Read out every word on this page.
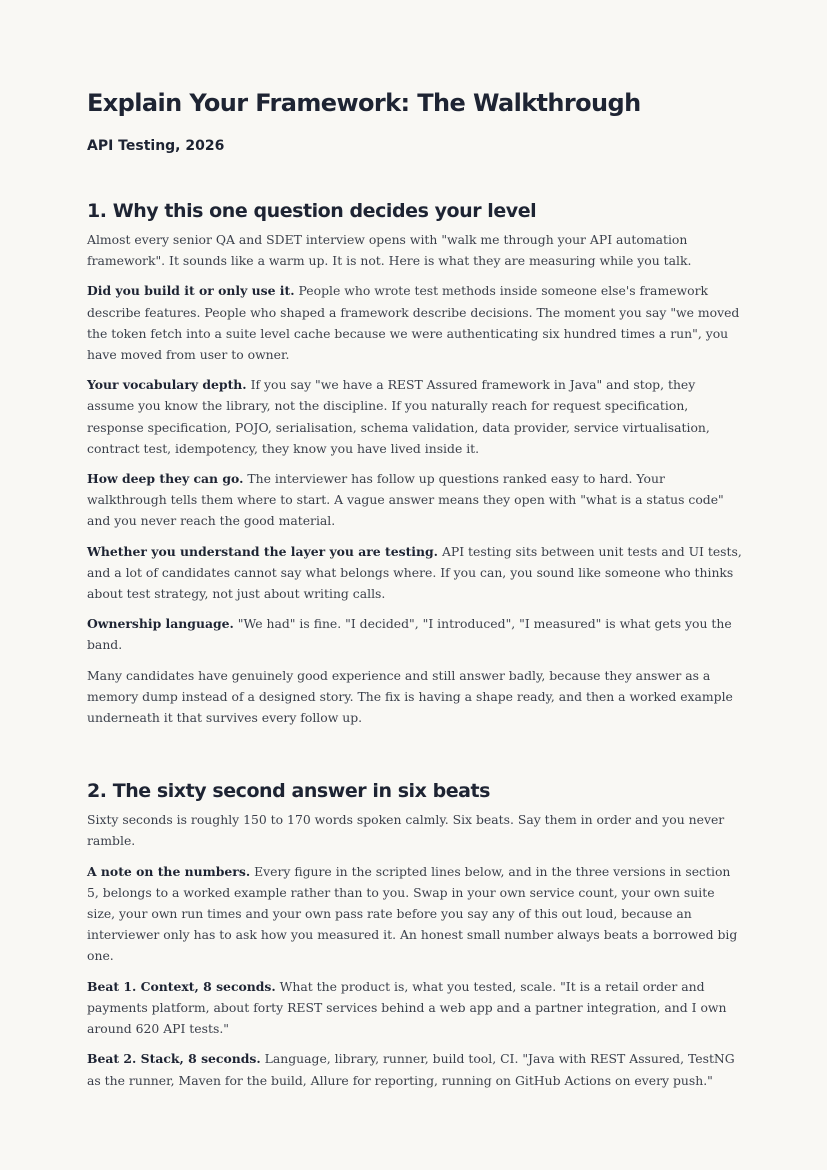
Explain Your Framework: The Walkthrough
API Testing, 2026
1. Why this one question decides your level

Almost every senior QA and SDET interview opens with "walk me through your API automation framework". It sounds like a warm up. It is not. Here is what they are measuring while you talk.

Did you build it or only use it. People who wrote test methods inside someone else's framework describe features. People who shaped a framework describe decisions. The moment you say "we moved the token fetch into a suite level cache because we were authenticating six hundred times a run", you have moved from user to owner.

Your vocabulary depth. If you say "we have a REST Assured framework in Java" and stop, they assume you know the library, not the discipline. If you naturally reach for request specification, response specification, POJO, serialisation, schema validation, data provider, service virtualisation, contract test, idempotency, they know you have lived inside it.

How deep they can go. The interviewer has follow up questions ranked easy to hard. Your walkthrough tells them where to start. A vague answer means they open with "what is a status code" and you never reach the good material.

Whether you understand the layer you are testing. API testing sits between unit tests and UI tests, and a lot of candidates cannot say what belongs where. If you can, you sound like someone who thinks about test strategy, not just about writing calls.

Ownership language. "We had" is fine. "I decided", "I introduced", "I measured" is what gets you the band.

Many candidates have genuinely good experience and still answer badly, because they answer as a memory dump instead of a designed story. The fix is having a shape ready, and then a worked example underneath it that survives every follow up.

2. The sixty second answer in six beats

Sixty seconds is roughly 150 to 170 words spoken calmly. Six beats. Say them in order and you never ramble.

A note on the numbers. Every figure in the scripted lines below, and in the three versions in section 5, belongs to a worked example rather than to you. Swap in your own service count, your own suite size, your own run times and your own pass rate before you say any of this out loud, because an interviewer only has to ask how you measured it. An honest small number always beats a borrowed big one.

Beat 1. Context, 8 seconds. What the product is, what you tested, scale. "It is a retail order and payments platform, about forty REST services behind a web app and a partner integration, and I own around 620 API tests."

Beat 2. Stack, 8 seconds. Language, library, runner, build tool, CI. "Java with REST Assured, TestNG as the runner, Maven for the build, Allure for reporting, running on GitHub Actions on every push."
